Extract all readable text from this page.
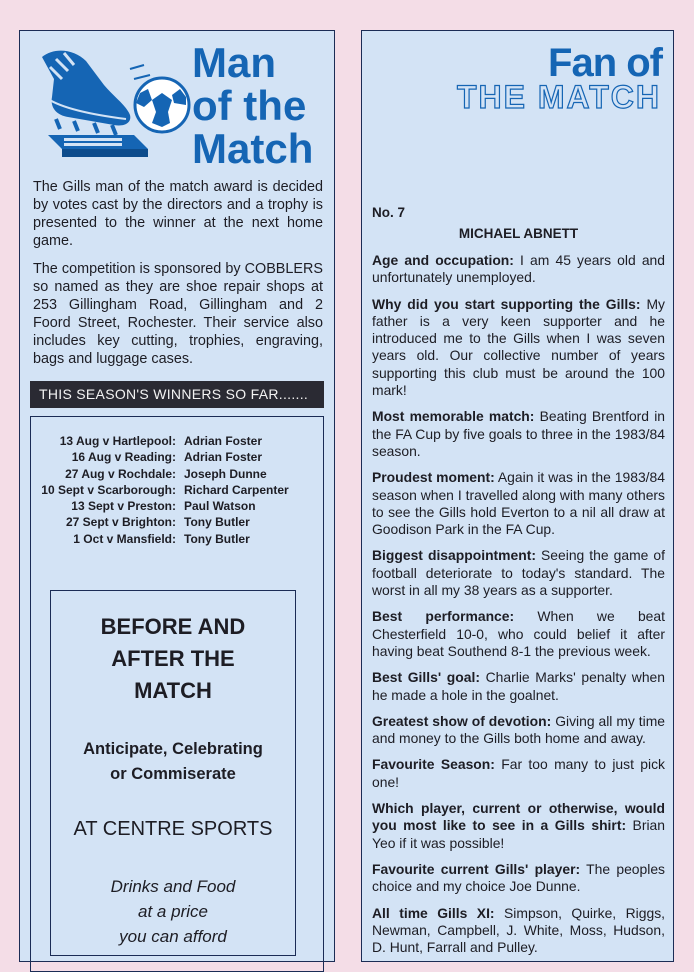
Man
of the
Match

The Gills man of the match award is decided by votes cast by the directors and a trophy is presented to the winner at the next home game.

The competition is sponsored by COBBLERS so named as they are shoe repair shops at 253 Gillingham Road, Gillingham and 2 Foord Street, Rochester. Their service also includes key cutting, trophies, engraving, bags and luggage cases.

THIS SEASON'S WINNERS SO FAR.......
13 Aug v Hartlepool: Adrian Foster
16 Aug v Reading: Adrian Foster
27 Aug v Rochdale: Joseph Dunne
10 Sept v Scarborough: Richard Carpenter
13 Sept v Preston: Paul Watson
27 Sept v Brighton: Tony Butler
1 Oct v Mansfield: Tony Butler
BEFORE AND
AFTER THE
MATCH
Anticipate, Celebrating
or Commiserate
AT CENTRE SPORTS
Drinks and Food
at a price
you can afford
Fan of
THE MATCH

No. 7

MICHAEL ABNETT

Age and occupation: I am 45 years old and unfortunately unemployed.

Why did you start supporting the Gills: My father is a very keen supporter and he introduced me to the Gills when I was seven years old. Our collective number of years supporting this club must be around the 100 mark!

Most memorable match: Beating Brentford in the FA Cup by five goals to three in the 1983/84 season.

Proudest moment: Again it was in the 1983/84 season when I travelled along with many others to see the Gills hold Everton to a nil all draw at Goodison Park in the FA Cup.

Biggest disappointment: Seeing the game of football deteriorate to today's standard. The worst in all my 38 years as a supporter.

Best performance: When we beat Chesterfield 10-0, who could belief it after having beat Southend 8-1 the previous week.

Best Gills' goal: Charlie Marks' penalty when he made a hole in the goalnet.

Greatest show of devotion: Giving all my time and money to the Gills both home and away.

Favourite Season: Far too many to just pick one!

Which player, current or otherwise, would you most like to see in a Gills shirt: Brian Yeo if it was possible!

Favourite current Gills' player: The peoples choice and my choice Joe Dunne.

All time Gills XI: Simpson, Quirke, Riggs, Newman, Campbell, J. White, Moss, Hudson, D. Hunt, Farrall and Pulley.
